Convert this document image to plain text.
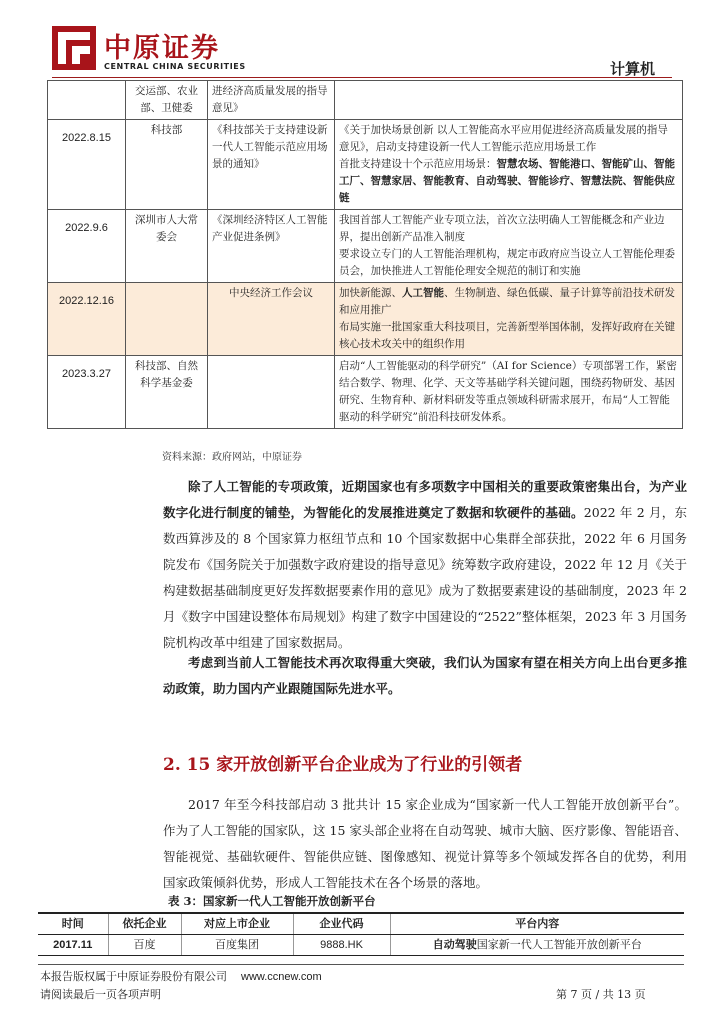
中原证券
CENTRAL CHINA SECURITIES	计算机
	交运部、农业部、卫健委	进经济高质量发展的指导意见》	
2022.8.15	科技部	《科技部关于支持建设新一代人工智能示范应用场景的通知》	《关于加快场景创新 以人工智能高水平应用促进经济高质量发展的指导意见》，启动支持建设新一代人工智能示范应用场景工作
首批支持建设十个示范应用场景：智慧农场、智能港口、智能矿山、智能工厂、智慧家居、智能教育、自动驾驶、智能诊疗、智慧法院、智能供应链

2022.9.6	深圳市人大常委会	《深圳经济特区人工智能产业促进条例》	我国首部人工智能产业专项立法，首次立法明确人工智能概念和产业边界，提出创新产品准入制度
要求设立专门的人工智能治理机构，规定市政府应当设立人工智能伦理委员会，加快推进人工智能伦理安全规范的制订和实施

2022.12.16		中央经济工作会议	加快新能源、人工智能、生物制造、绿色低碳、量子计算等前沿技术研发和应用推广
布局实施一批国家重大科技项目，完善新型举国体制，发挥好政府在关键核心技术攻关中的组织作用

2023.3.27	科技部、自然科学基金委		启动“人工智能驱动的科学研究”（AI for Science）专项部署工作，紧密结合数学、物理、化学、天文等基础学科关键问题，围绕药物研发、基因研究、生物育种、新材料研发等重点领域科研需求展开，布局“人工智能驱动的科学研究”前沿科技研发体系。
资料来源：政府网站，中原证券
除了人工智能的专项政策，近期国家也有多项数字中国相关的重要政策密集出台，为产业数字化进行制度的铺垫，为智能化的发展推进奠定了数据和软硬件的基础。2022 年 2 月，东数西算涉及的 8 个国家算力枢纽节点和 10 个国家数据中心集群全部获批，2022 年 6 月国务院发布《国务院关于加强数字政府建设的指导意见》统筹数字政府建设，2022 年 12 月《关于构建数据基础制度更好发挥数据要素作用的意见》成为了数据要素建设的基础制度，2023 年 2 月《数字中国建设整体布局规划》构建了数字中国建设的“2522”整体框架，2023 年 3 月国务院机构改革中组建了国家数据局。
考虑到当前人工智能技术再次取得重大突破，我们认为国家有望在相关方向上出台更多推动政策，助力国内产业跟随国际先进水平。
2. 15 家开放创新平台企业成为了行业的引领者
2017 年至今科技部启动 3 批共计 15 家企业成为“国家新一代人工智能开放创新平台”。作为了人工智能的国家队，这 15 家头部企业将在自动驾驶、城市大脑、医疗影像、智能语音、智能视觉、基础软硬件、智能供应链、图像感知、视觉计算等多个领域发挥各自的优势，利用国家政策倾斜优势，形成人工智能技术在各个场景的落地。
表 3：国家新一代人工智能开放创新平台
时间	依托企业	对应上市企业	企业代码	平台内容
2017.11	百度	百度集团	9888.HK	自动驾驶国家新一代人工智能开放创新平台
本报告版权属于中原证券股份有限公司 www.ccnew.com
请阅读最后一页各项声明	第 7 页 / 共 13 页
